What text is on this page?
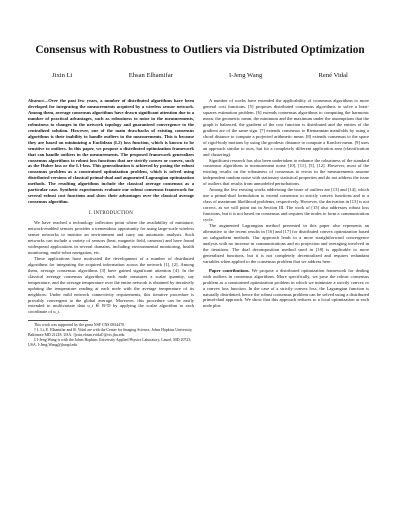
Consensus with Robustness to Outliers via Distributed Optimization
Jixin Li	Ehsan Elhamifar	I-Jeng Wang	René Vidal

Abstract—Over the past few years, a number of distributed algorithms have been developed for integrating the measurements acquired by a wireless sensor network. Among them, average consensus algorithms have drawn significant attention due to a number of practical advantages, such as robustness to noise in the measurements, robustness to changes in the network topology and guaranteed convergence to the centralized solution. However, one of the main drawbacks of existing consensus algorithms is their inability to handle outliers in the measurements. This is because they are based on minimizing a Euclidean (L2) loss function, which is known to be sensitive to outliers. In this paper, we propose a distributed optimization framework that can handle outliers in the measurements. The proposed framework generalizes consensus algorithms to robust loss functions that are strictly convex or convex, such as the Huber loss or the L1-loss. This generalization is achieved by posing the robust consensus problem as a constrained optimization problem, which is solved using distributed versions of classical primal-dual and augmented Lagrangian optimization methods. The resulting algorithms include the classical average consensus as a particular case. Synthetic experiments evaluate our robust consensus framework for several robust cost functions and show their advantages over the classical average consensus algorithm.

I. INTRODUCTION

We have reached a technology inflection point where the availability of miniature, network-enabled sensors provides a tremendous opportunity for using large-scale wireless sensor networks to monitor an environment and carry out automatic analysis. Such networks can include a variety of sensors (heat, magnetic field, cameras) and have found widespread applications in several domains, including environmental monitoring, health monitoring, multi-robot navigation, etc.

These applications have motivated the development of a number of distributed algorithms for integrating the acquired information across the network [1], [2]. Among them, average consensus algorithms [3] have gained significant attention [4]. In the classical average consensus algorithm, each node measures a scalar quantity, say temperature, and the average temperature over the entire network is obtained by iteratively updating the temperature reading at each node with the average temperature of its neighbors. Under mild network connectivity requirements, this iterative procedure is provably convergent to the global average. Moreover, this procedure can be easily extended to multivariate data u_i ∈ R^D by applying the scalar algorithm to each coordinate of u_i.

This work was supported by the grant NSF CNS 0834470.

† J. Li, E. Elhamifar and R. Vidal are with the Center for Imaging Science, Johns Hopkins University, Baltimore MD 21218, USA. {jixin,ehsan,rvidal}@cis.jhu.edu.

‡ I-Jeng Wang is with the Johns Hopkins University Applied Physics Laboratory, Laurel, MD 20723, USA. I-Jeng.Wang@jhuapl.edu

A number of works have extended the applicability of consensus algorithms to more general cost functions. [5] proposes distributed consensus algorithms to solve a least-squares estimation problem. [6] extends consensus algorithms to computing the harmonic mean, the geometric mean, the minimum and the maximum under the assumptions that the graph is balanced, the gradient of the cost function is distributed and the entries of the gradient are of the same sign. [7] extends consensus to Riemannian manifolds by using a chord distance to compute a projected arithmetic mean. [8] extends consensus to the space of rigid-body motions by using the geodesic distance to compute a Karcher mean. [9] uses an approach similar to ours, but for a completely different application area (classification and clustering).

Significant research has also been undertaken to enhance the robustness of the standard consensus algorithms to measurement noise [10], [11], [5], [12]. However, most of the existing results on the robustness of consensus to errors in the measurements assume independent random noise with stationary statistical properties and do not address the issue of outliers that results from unmodeled perturbations.

Among the few existing works addressing the issue of outliers are [13] and [14], which use a primal-dual formulation to extend consensus to strictly convex functions and to a class of maximum likelihood problems, respectively. However, the derivation in [13] is not correct, as we will point out in Section III. The work of [15] also addresses robust loss functions, but it is not based on consensus and requires the nodes to form a communication cycle.

The augmented Lagrangian method presented in this paper also represents an alternative to the recent results in [16] and [17] for distributed convex optimization based on subgradient methods. Our approach leads to a more straightforward convergence analysis with no increase in communications and no projection and averaging involved in the iterations. The dual decomposition method used in [18] is applicable to more generalized functions, but it is not completely decentralized and requires redundant variables when applied to the consensus problem that we address here.

Paper contributions. We propose a distributed optimization framework for dealing with outliers in consensus algorithms. More specifically, we pose the robust consensus problem as a constrained optimization problem in which we minimize a strictly convex or a convex loss function. In the case of a strictly convex loss, the Lagrangian function is naturally distributed, hence the robust consensus problem can be solved using a distributed primal-dual approach. We show that this approach reduces to a local optimization at each node plus
